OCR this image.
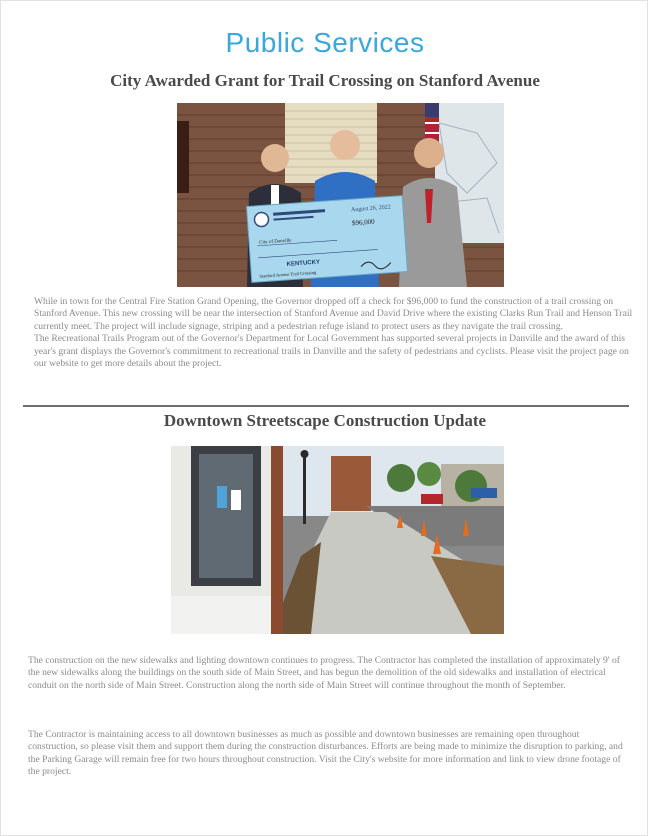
Public Services
City Awarded Grant for Trail Crossing on Stanford Avenue
August 26, 2022
$96,000
City of Danville
KENTUCKY
Stanford Avenue Trail Crossing

While in town for the Central Fire Station Grand Opening, the Governor dropped off a check for $96,000 to fund the construction of a trail crossing on Stanford Avenue. This new crossing will be near the intersection of Stanford Avenue and David Drive where the existing Clarks Run Trail and Henson Trail currently meet. The project will include signage, striping and a pedestrian refuge island to protect users as they navigate the trail crossing.

The Recreational Trails Program out of the Governor's Department for Local Government has supported several projects in Danville and the award of this year's grant displays the Governor's commitment to recreational trails in Danville and the safety of pedestrians and cyclists. Please visit the project page on our website to get more details about the project.

Downtown Streetscape Construction Update

The construction on the new sidewalks and lighting downtown continues to progress. The Contractor has completed the installation of approximately 9' of the new sidewalks along the buildings on the south side of Main Street, and has begun the demolition of the old sidewalks and installation of electrical conduit on the north side of Main Street. Construction along the north side of Main Street will continue throughout the month of September.

The Contractor is maintaining access to all downtown businesses as much as possible and downtown businesses are remaining open throughout construction, so please visit them and support them during the construction disturbances. Efforts are being made to minimize the disruption to parking, and the Parking Garage will remain free for two hours throughout construction. Visit the City's website for more information and link to view drone footage of the project.
